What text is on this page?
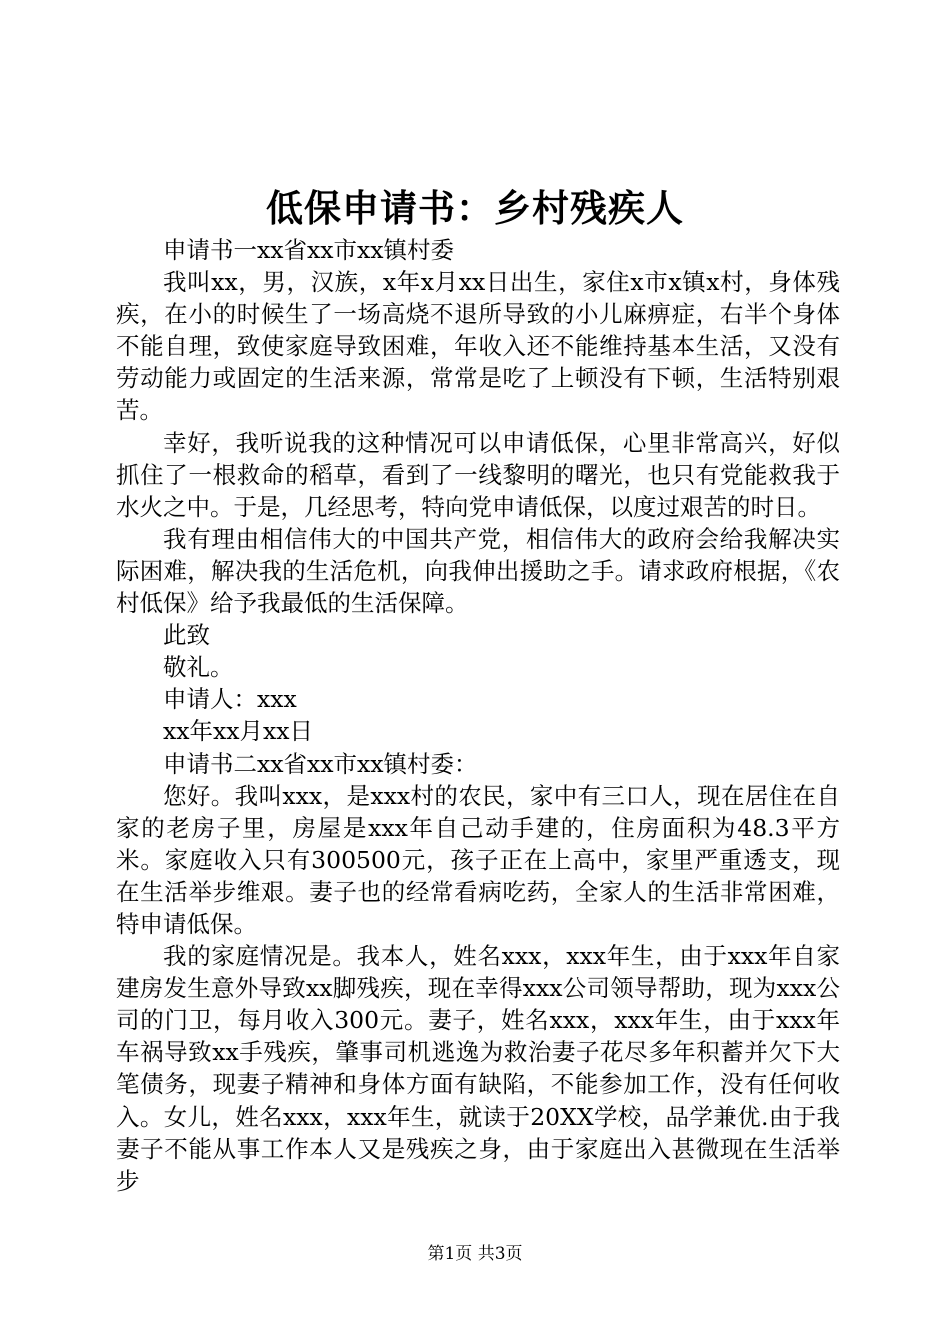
低保申请书：乡村残疾人

申请书一xx省xx市xx镇村委

我叫xx，男，汉族，x年x月xx日出生，家住x市x镇x村，身体残疾，在小的时候生了一场高烧不退所导致的小儿麻痹症，右半个身体不能自理，致使家庭导致困难，年收入还不能维持基本生活，又没有劳动能力或固定的生活来源，常常是吃了上顿没有下顿，生活特别艰苦。

幸好，我听说我的这种情况可以申请低保，心里非常高兴，好似抓住了一根救命的稻草，看到了一线黎明的曙光，也只有党能救我于水火之中。于是，几经思考，特向党申请低保，以度过艰苦的时日。

我有理由相信伟大的中国共产党，相信伟大的政府会给我解决实际困难，解决我的生活危机，向我伸出援助之手。请求政府根据，《农村低保》给予我最低的生活保障。

此致

敬礼。

申请人：xxx

xx年xx月xx日

申请书二xx省xx市xx镇村委：

您好。我叫xxx，是xxx村的农民，家中有三口人，现在居住在自家的老房子里，房屋是xxx年自己动手建的，住房面积为48.3平方米。家庭收入只有300500元，孩子正在上高中，家里严重透支，现在生活举步维艰。妻子也的经常看病吃药，全家人的生活非常困难，特申请低保。

我的家庭情况是。我本人，姓名xxx，xxx年生，由于xxx年自家建房发生意外导致xx脚残疾，现在幸得xxx公司领导帮助，现为xxx公司的门卫，每月收入300元。妻子，姓名xxx，xxx年生，由于xxx年车祸导致xx手残疾，肇事司机逃逸为救治妻子花尽多年积蓄并欠下大笔债务，现妻子精神和身体方面有缺陷，不能参加工作，没有任何收入。女儿，姓名xxx，xxx年生，就读于20XX学校，品学兼优.由于我妻子不能从事工作本人又是残疾之身，由于家庭出入甚微现在生活举步

第1页 共3页
